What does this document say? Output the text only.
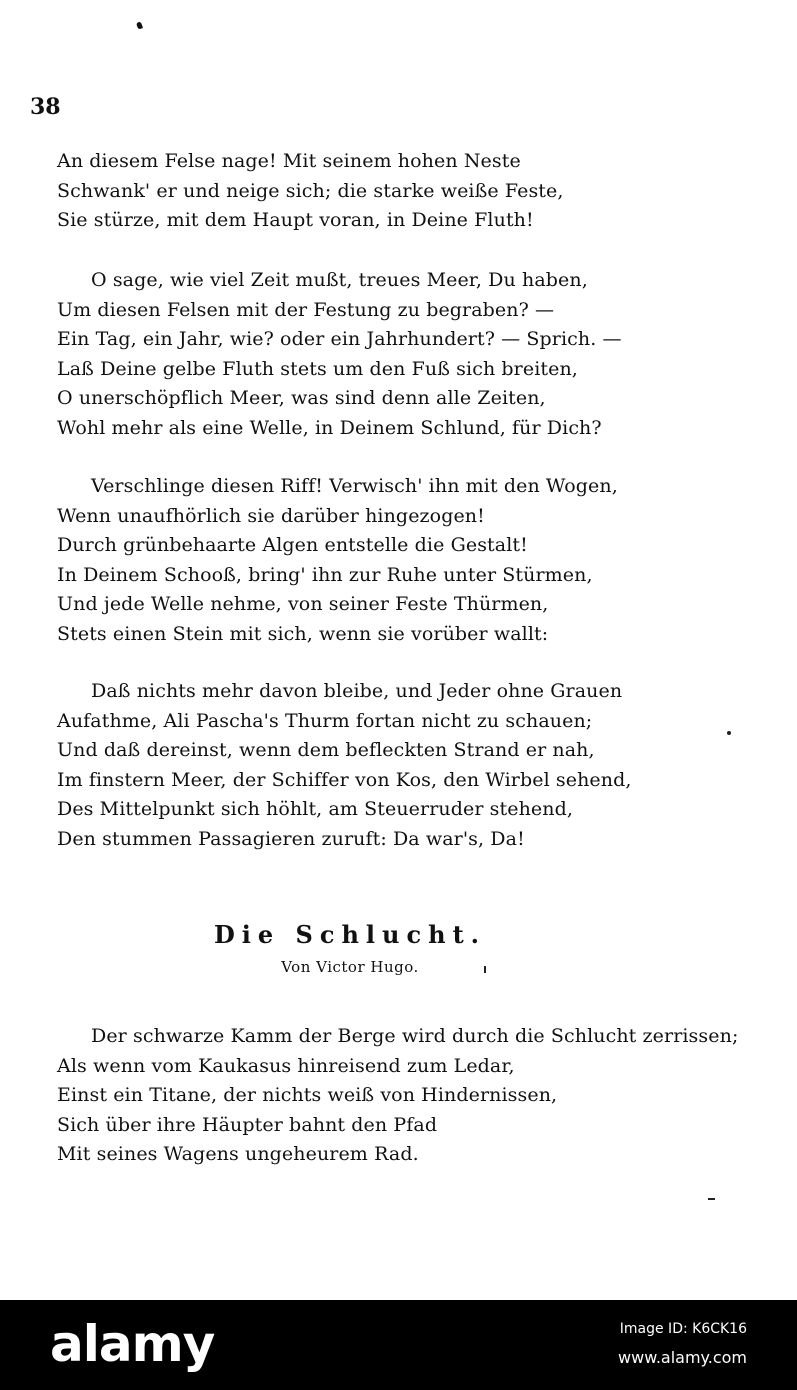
38
An diesem Felse nage! Mit seinem hohen Neste
Schwank' er und neige sich; die starke weiße Feste,
Sie stürze, mit dem Haupt voran, in Deine Fluth!
O sage, wie viel Zeit mußt, treues Meer, Du haben,
Um diesen Felsen mit der Festung zu begraben? —
Ein Tag, ein Jahr, wie? oder ein Jahrhundert? — Sprich. —
Laß Deine gelbe Fluth stets um den Fuß sich breiten,
O unerschöpflich Meer, was sind denn alle Zeiten,
Wohl mehr als eine Welle, in Deinem Schlund, für Dich?
Verschlinge diesen Riff! Verwisch' ihn mit den Wogen,
Wenn unaufhörlich sie darüber hingezogen!
Durch grünbehaarte Algen entstelle die Gestalt!
In Deinem Schooß, bring' ihn zur Ruhe unter Stürmen,
Und jede Welle nehme, von seiner Feste Thürmen,
Stets einen Stein mit sich, wenn sie vorüber wallt:
Daß nichts mehr davon bleibe, und Jeder ohne Grauen
Aufathme, Ali Pascha's Thurm fortan nicht zu schauen;
Und daß dereinst, wenn dem befleckten Strand er nah,
Im finstern Meer, der Schiffer von Kos, den Wirbel sehend,
Des Mittelpunkt sich höhlt, am Steuerruder stehend,
Den stummen Passagieren zuruft: Da war's, Da!
Die Schlucht.
Von Victor Hugo.
Der schwarze Kamm der Berge wird durch die Schlucht zerrissen;
Als wenn vom Kaukasus hinreisend zum Ledar,
Einst ein Titane, der nichts weiß von Hindernissen,
Sich über ihre Häupter bahnt den Pfad
Mit seines Wagens ungeheurem Rad.
alamy	Image ID: K6CK16
www.alamy.com
